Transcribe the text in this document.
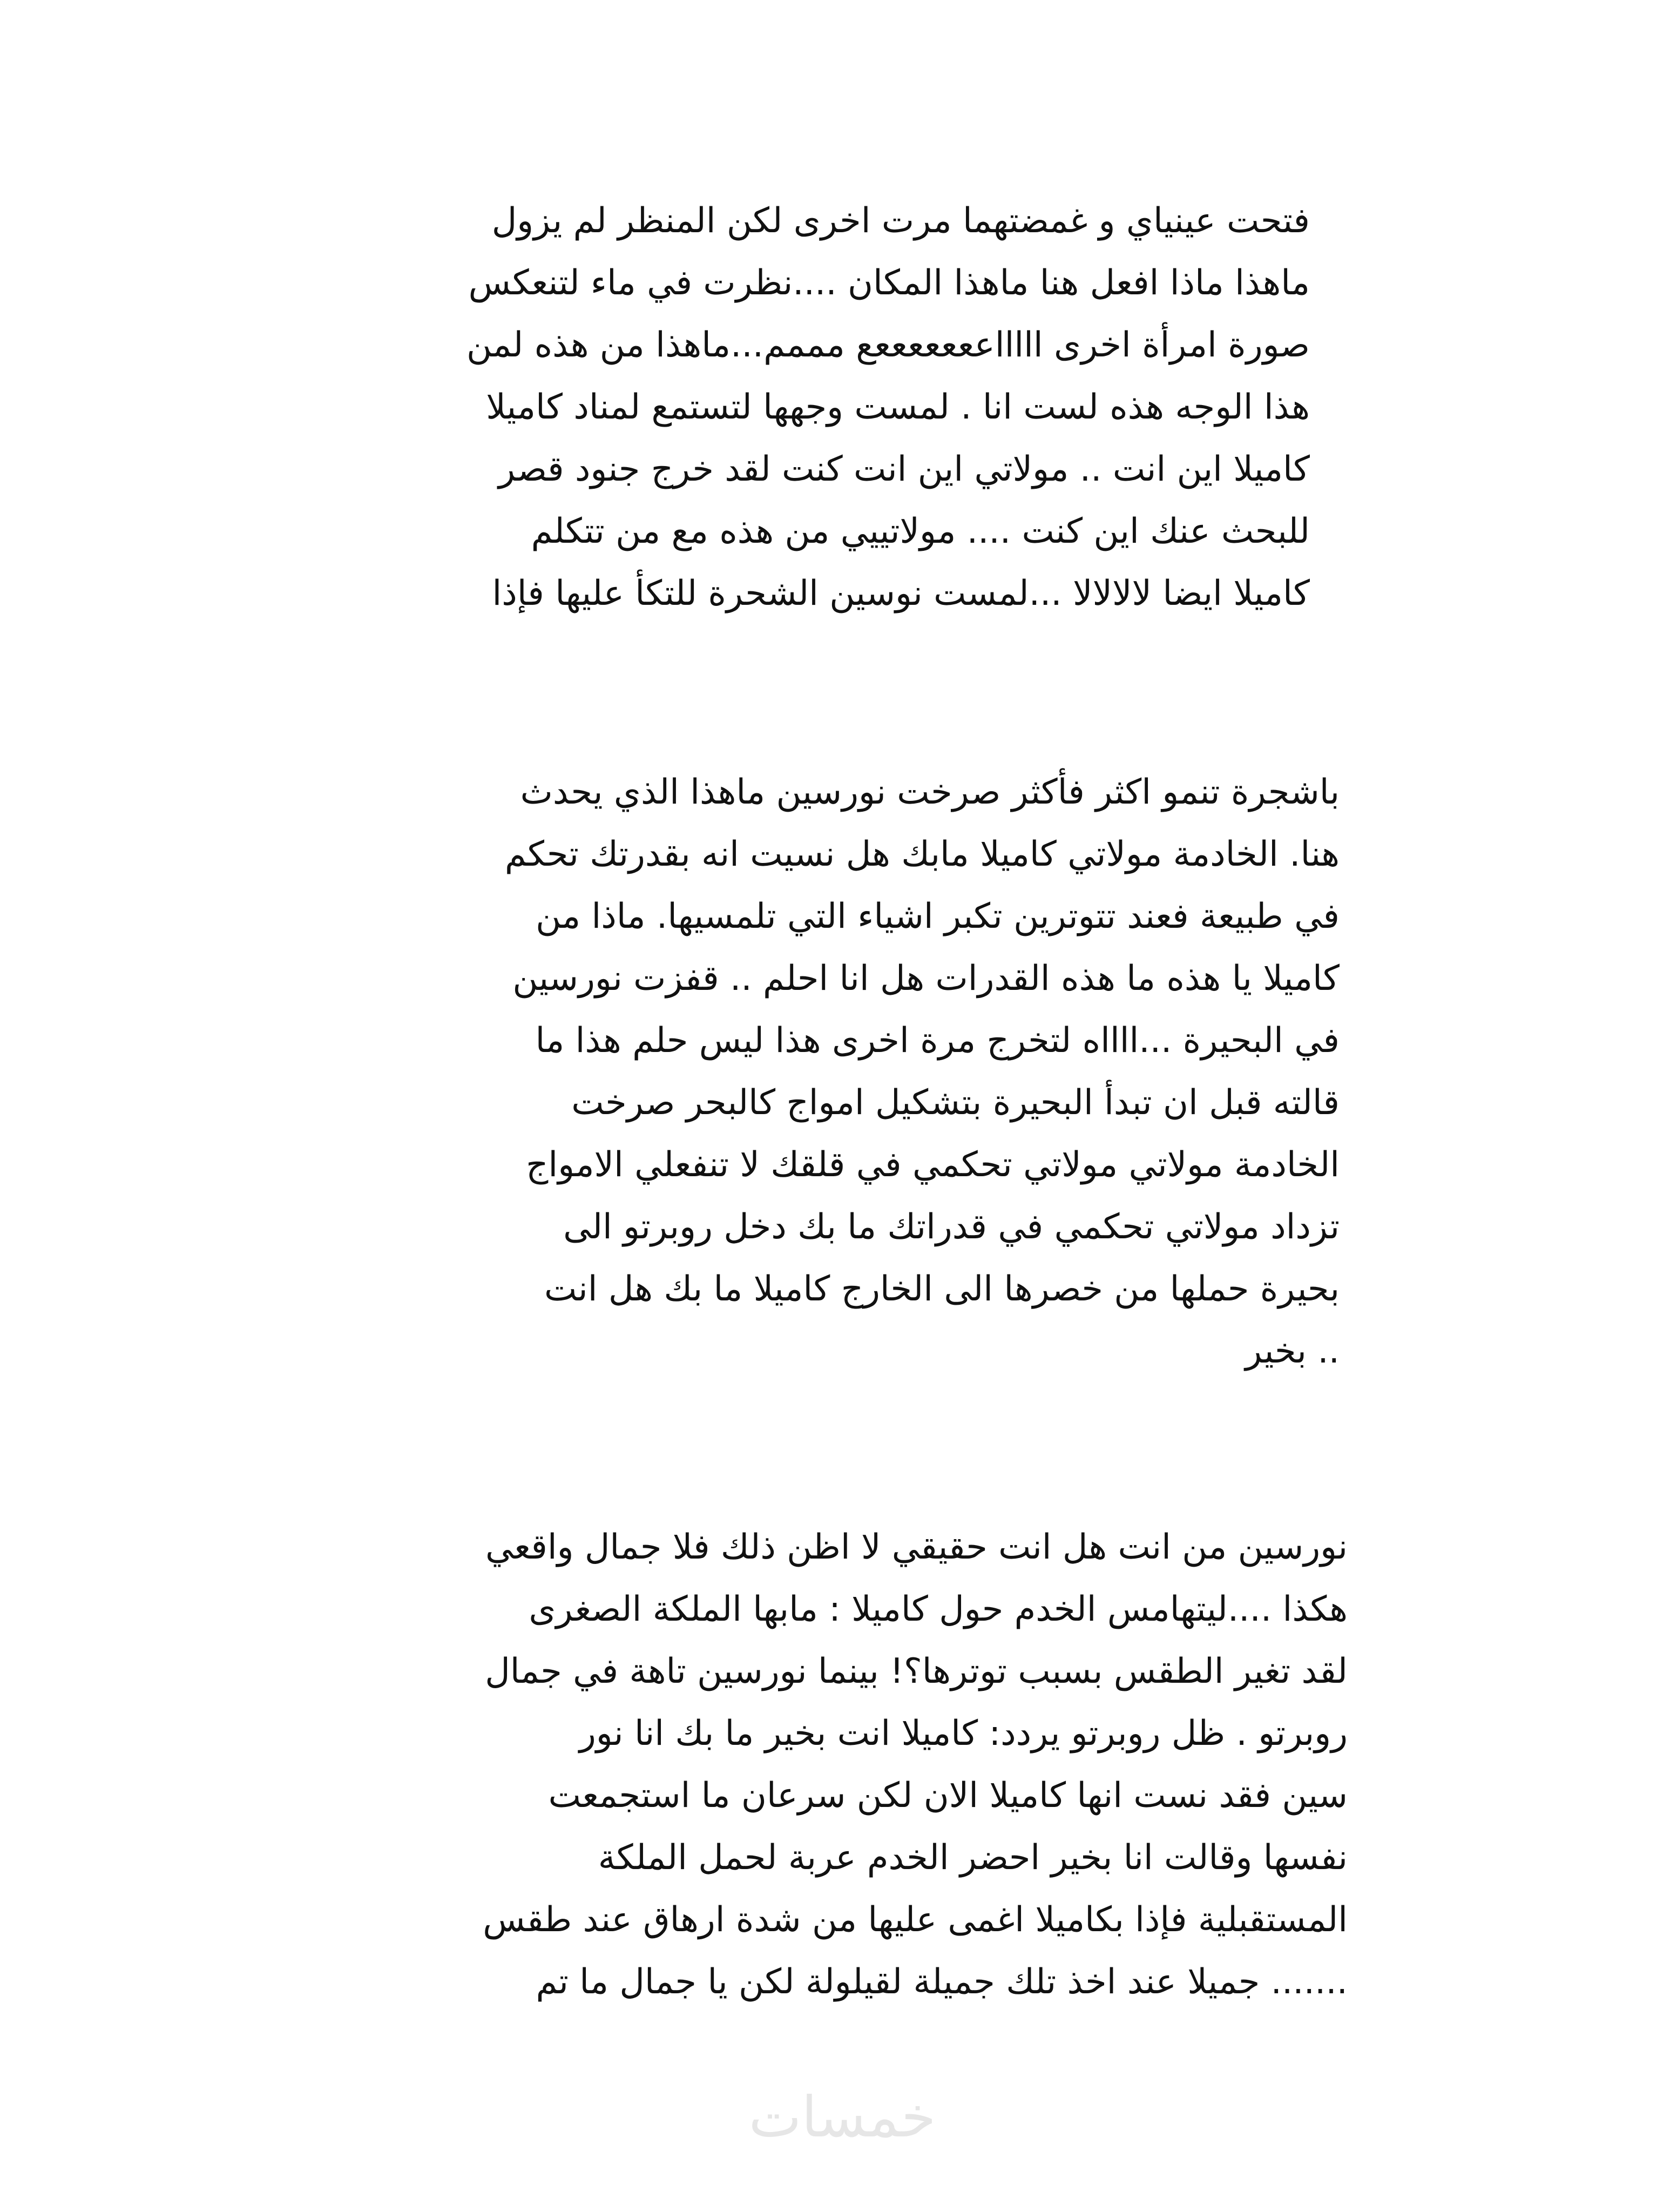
فتحت عينياي و غمضتهما مرت اخرى لكن المنظر لم يزول
ماهذا ماذا افعل هنا ماهذا المكان ....نظرت في ماء لتنعكس
صورة امرأة اخرى اااااعععععععع مممم...ماهذا من هذه لمن
هذا الوجه هذه لست انا . لمست وجهها لتستمع لمناد كاميلا
كاميلا اين انت .. مولاتي اين انت كنت لقد خرج جنود قصر
للبحث عنك اين كنت .... مولاتييي من هذه مع من تتكلم
كاميلا ايضا لالالالا ...لمست نوسين الشحرة للتكأ عليها فإذا
باشجرة تنمو اكثر فأكثر صرخت نورسين ماهذا الذي يحدث
هنا. الخادمة مولاتي كاميلا مابك هل نسيت انه بقدرتك تحكم
في طبيعة فعند تتوترين تكبر اشياء التي تلمسيها. ماذا من
كاميلا يا هذه ما هذه القدرات هل انا احلم .. قفزت نورسين
في البحيرة ...ااااه لتخرج مرة اخرى هذا ليس حلم هذا ما
قالته قبل ان تبدأ البحيرة بتشكيل امواج كالبحر صرخت
الخادمة مولاتي مولاتي تحكمي في قلقك لا تنفعلي الامواج
تزداد مولاتي تحكمي في قدراتك ما بك دخل روبرتو الى
بحيرة حملها من خصرها الى الخارج كاميلا ما بك هل انت
.. بخير
نورسين من انت هل انت حقيقي لا اظن ذلك فلا جمال واقعي
هكذا ....ليتهامس الخدم حول كاميلا : مابها الملكة الصغرى
لقد تغير الطقس بسبب توترها؟! بينما نورسين تاهة في جمال
روبرتو . ظل روبرتو يردد: كاميلا انت بخير ما بك انا نور
سين فقد نست انها كاميلا الان لكن سرعان ما استجمعت
نفسها وقالت انا بخير احضر الخدم عربة لحمل الملكة
المستقبلية فإذا بكاميلا اغمى عليها من شدة ارهاق عند طقس
....... جميلا عند اخذ تلك جميلة لقيلولة لكن يا جمال ما تم
خمسات
